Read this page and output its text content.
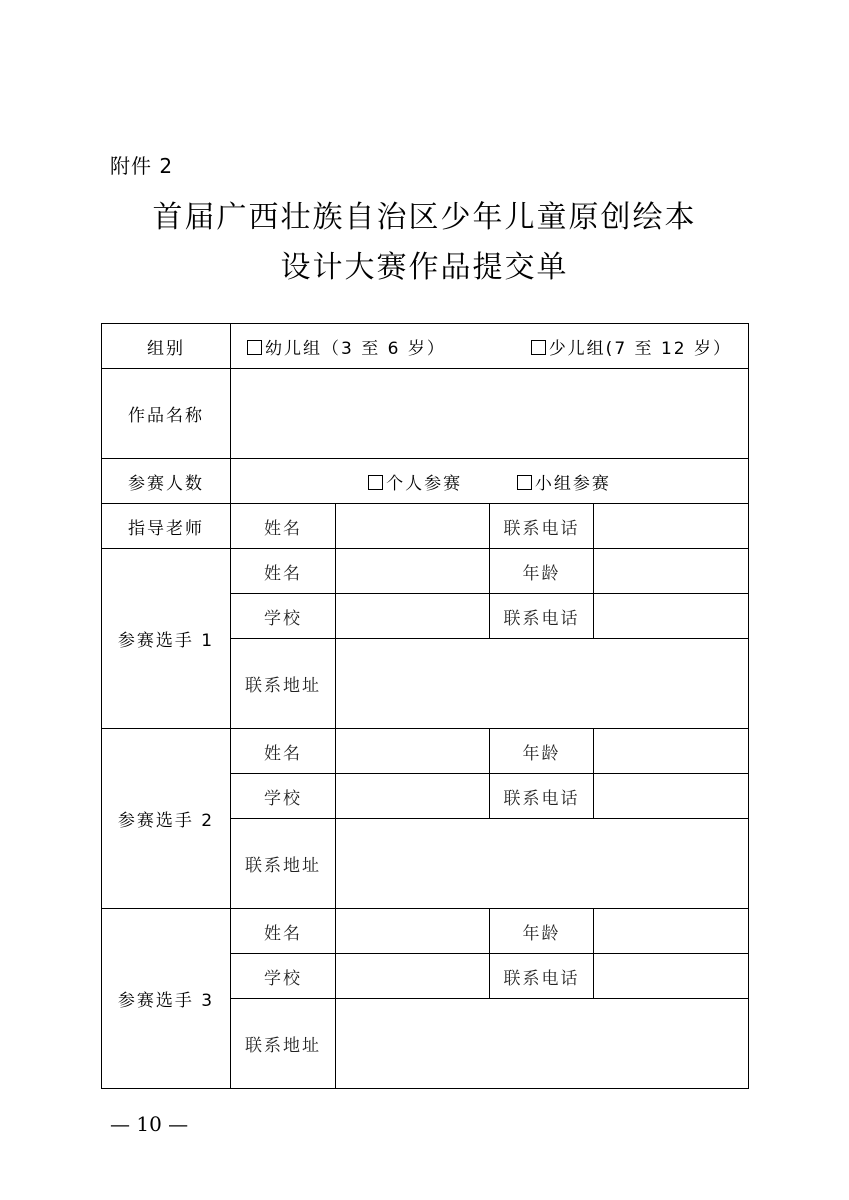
附件 2
首届广西壮族自治区少年儿童原创绘本
设计大赛作品提交单
组别	幼儿组（3 至 6 岁） 少儿组(7 至 12 岁）			
作品名称				
参赛人数	个人参赛 小组参赛			
指导老师	姓名		联系电话	
参赛选手 1	姓名		年龄	
	学校		联系电话	
	联系地址			
参赛选手 2	姓名		年龄	
	学校		联系电话	
	联系地址			
参赛选手 3	姓名		年龄	
	学校		联系电话	
	联系地址			
— 10 —
